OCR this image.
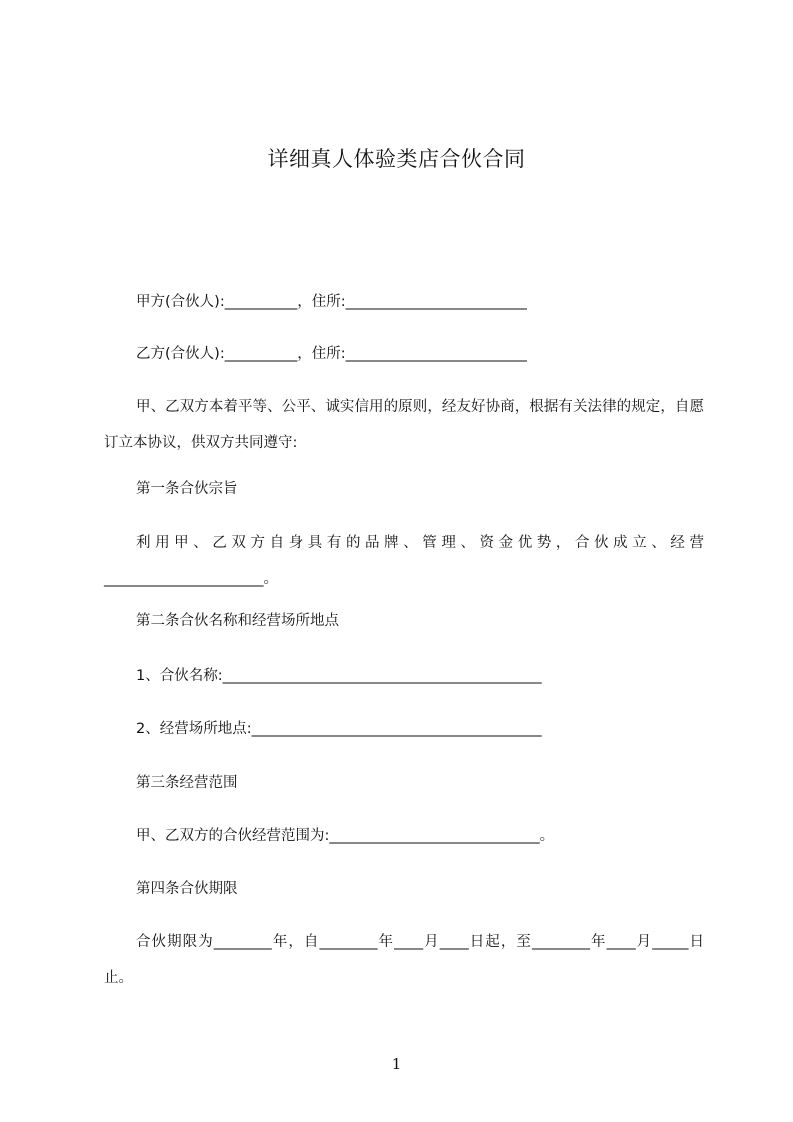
详细真人体验类店合伙合同
甲方(合伙人):__________，住所:_________________________
乙方(合伙人):__________，住所:_________________________
甲、乙双方本着平等、公平、诚实信用的原则，经友好协商，根据有关法律的规定，自愿订立本协议，供双方共同遵守:
第一条合伙宗旨
利用甲、乙双方自身具有的品牌、管理、资金优势，合伙成立、经营______________________。
第二条合伙名称和经营场所地点
1、合伙名称:____________________________________________
2、经营场所地点:________________________________________
第三条经营范围
甲、乙双方的合伙经营范围为:_____________________________。
第四条合伙期限
合伙期限为________年，自________年____月____日起，至________年____月_____日止。
1
